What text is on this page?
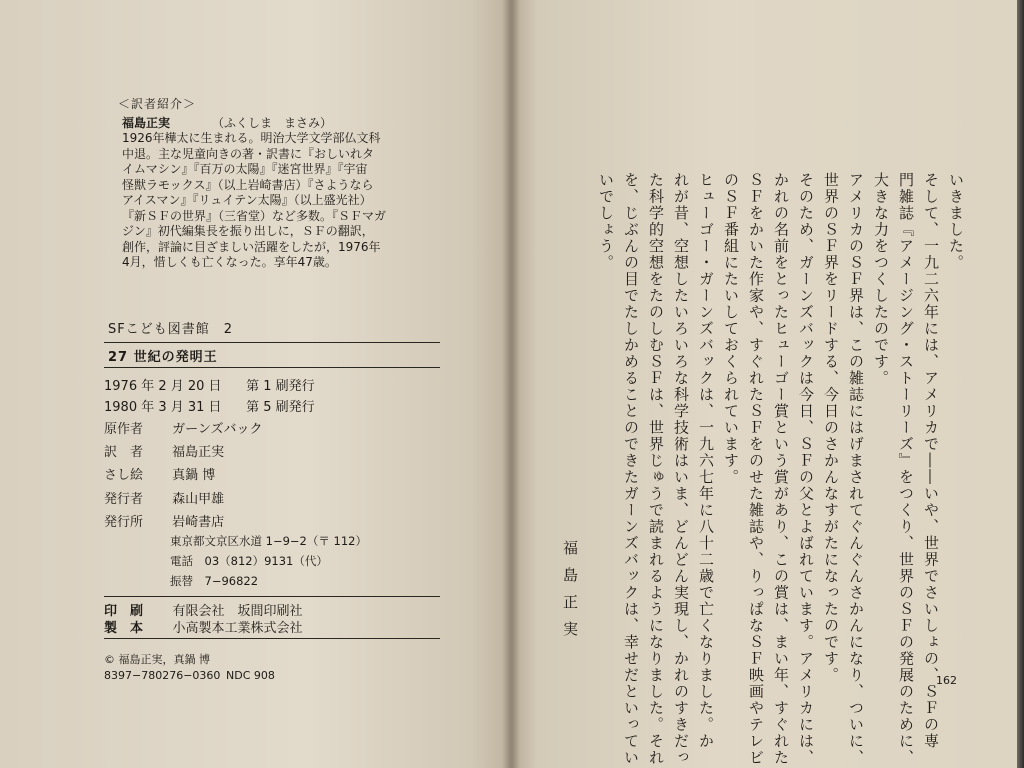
＜訳者紹介＞
福島正実	（ふくしま　まさみ）
1926年樺太に生まれる。明治大学文学部仏文科
中退。主な児童向きの著・訳書に『おしいれタ
イムマシン』『百万の太陽』『迷宮世界』『宇宙
怪獣ラモックス』（以上岩崎書店）『さようなら
アイスマン』『リュイテン太陽』（以上盛光社）
『新ＳＦの世界』（三省堂）など多数。『ＳＦマガ
ジン』初代編集長を振り出しに，ＳＦの翻訳，
創作，評論に目ざましい活躍をしたが，1976年
4月，惜しくも亡くなった。享年47歳。
SFこども図書館　2
27 世紀の発明王
1976 年 2 月 20 日 第 1 刷発行
1980 年 3 月 31 日 第 5 刷発行
原作者 ガーンズバック
訳　者 福島正実
さし絵 真鍋 博
発行者 森山甲雄
発行所 岩崎書店
東京都文京区水道 1−9−2（〒 112）
電話　03（812）9131（代）
振替　7−96822
印　刷 有限会社　坂間印刷社
製　本 小高製本工業株式会社
© 福島正実，真鍋 博
8397−780276−0360 NDC 908
いきました。
そして、一九二六年には、アメリカで――いや、世界でさいしょの、ＳＦの専
門雑誌『アメージング・ストーリーズ』をつくり、世界のＳＦの発展のために、
大きな力をつくしたのです。
アメリカのＳＦ界は、この雑誌にはげまされてぐんぐんさかんになり、ついに、
世界のＳＦ界をリードする、今日のさかんなすがたになったのです。
そのため、ガーンズバックは今日、ＳＦの父とよばれています。アメリカには、
かれの名前をとったヒューゴー賞という賞があり、この賞は、まい年、すぐれた
ＳＦをかいた作家や、すぐれたＳＦをのせた雑誌や、りっぱなＳＦ映画やテレビ
のＳＦ番組にたいしておくられています。
ヒューゴー・ガーンズバックは、一九六七年に八十二歳で亡くなりました。か
れが昔、空想したいろいろな科学技術はいま、どんどん実現し、かれのすきだっ
た科学的空想をたのしむＳＦは、世界じゅうで読まれるようになりました。それ
を、じぶんの目でたしかめることのできたガーンズバックは、幸せだといってい
いでしょう。
福島正実
162
